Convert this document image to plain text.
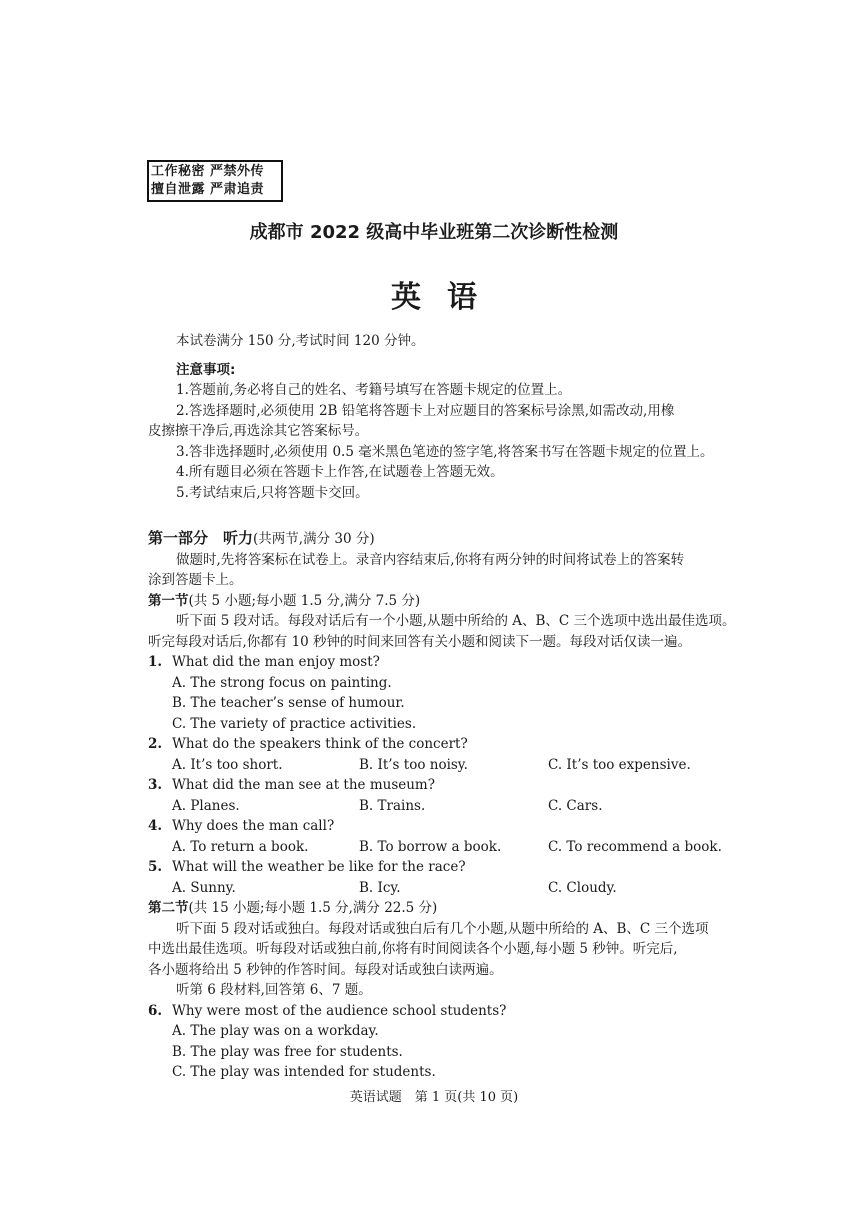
工作秘密 严禁外传
擅自泄露 严肃追责
成都市 2022 级高中毕业班第二次诊断性检测
英语
本试卷满分 150 分,考试时间 120 分钟。
注意事项:
1.答题前,务必将自己的姓名、考籍号填写在答题卡规定的位置上。
2.答选择题时,必须使用 2B 铅笔将答题卡上对应题目的答案标号涂黑,如需改动,用橡
皮擦擦干净后,再选涂其它答案标号。
3.答非选择题时,必须使用 0.5 毫米黑色笔迹的签字笔,将答案书写在答题卡规定的位置上。
4.所有题目必须在答题卡上作答,在试题卷上答题无效。
5.考试结束后,只将答题卡交回。
第一部分　听力(共两节,满分 30 分)
做题时,先将答案标在试卷上。录音内容结束后,你将有两分钟的时间将试卷上的答案转
涂到答题卡上。
第一节(共 5 小题;每小题 1.5 分,满分 7.5 分)
听下面 5 段对话。每段对话后有一个小题,从题中所给的 A、B、C 三个选项中选出最佳选项。
听完每段对话后,你都有 10 秒钟的时间来回答有关小题和阅读下一题。每段对话仅读一遍。
1. What did the man enjoy most?
A. The strong focus on painting.
B. The teacher’s sense of humour.
C. The variety of practice activities.
2. What do the speakers think of the concert?
A. It’s too short.	B. It’s too noisy.	C. It’s too expensive.
3. What did the man see at the museum?
A. Planes.	B. Trains.	C. Cars.
4. Why does the man call?
A. To return a book.	B. To borrow a book.	C. To recommend a book.
5. What will the weather be like for the race?
A. Sunny.	B. Icy.	C. Cloudy.
第二节(共 15 小题;每小题 1.5 分,满分 22.5 分)
听下面 5 段对话或独白。每段对话或独白后有几个小题,从题中所给的 A、B、C 三个选项
中选出最佳选项。听每段对话或独白前,你将有时间阅读各个小题,每小题 5 秒钟。听完后,
各小题将给出 5 秒钟的作答时间。每段对话或独白读两遍。
听第 6 段材料,回答第 6、7 题。
6. Why were most of the audience school students?
A. The play was on a workday.
B. The play was free for students.
C. The play was intended for students.
英语试题　第 1 页(共 10 页)
